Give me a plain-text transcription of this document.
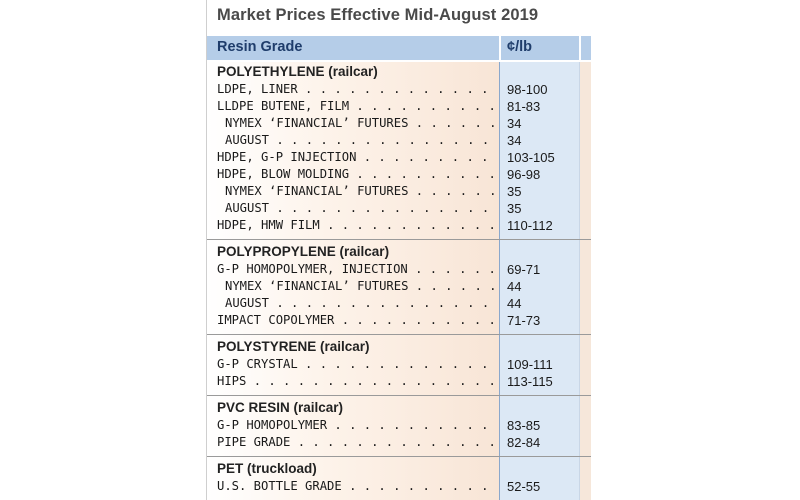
Market Prices Effective Mid-August 2019
Resin Grade	¢/lb
POLYETHYLENE (railcar)
LDPE, LINER . . .	98-100
LLDPE BUTENE, FILM . . .	81-83
NYMEX ‘FINANCIAL’ FUTURES . . .	34
AUGUST . . .	34
HDPE, G-P INJECTION . . .	103-105
HDPE, BLOW MOLDING . . .	96-98
NYMEX ‘FINANCIAL’ FUTURES . . .	35
AUGUST . . .	35
HDPE, HMW FILM . . .	110-112
POLYPROPYLENE (railcar)
G-P HOMOPOLYMER, INJECTION . . .	69-71
NYMEX ‘FINANCIAL’ FUTURES . . .	44
AUGUST . . .	44
IMPACT COPOLYMER . . .	71-73
POLYSTYRENE (railcar)
G-P CRYSTAL . . .	109-111
HIPS . . .	113-115
PVC RESIN (railcar)
G-P HOMOPOLYMER . . .	83-85
PIPE GRADE . . .	82-84
PET (truckload)
U.S. BOTTLE GRADE . . .	52-55
